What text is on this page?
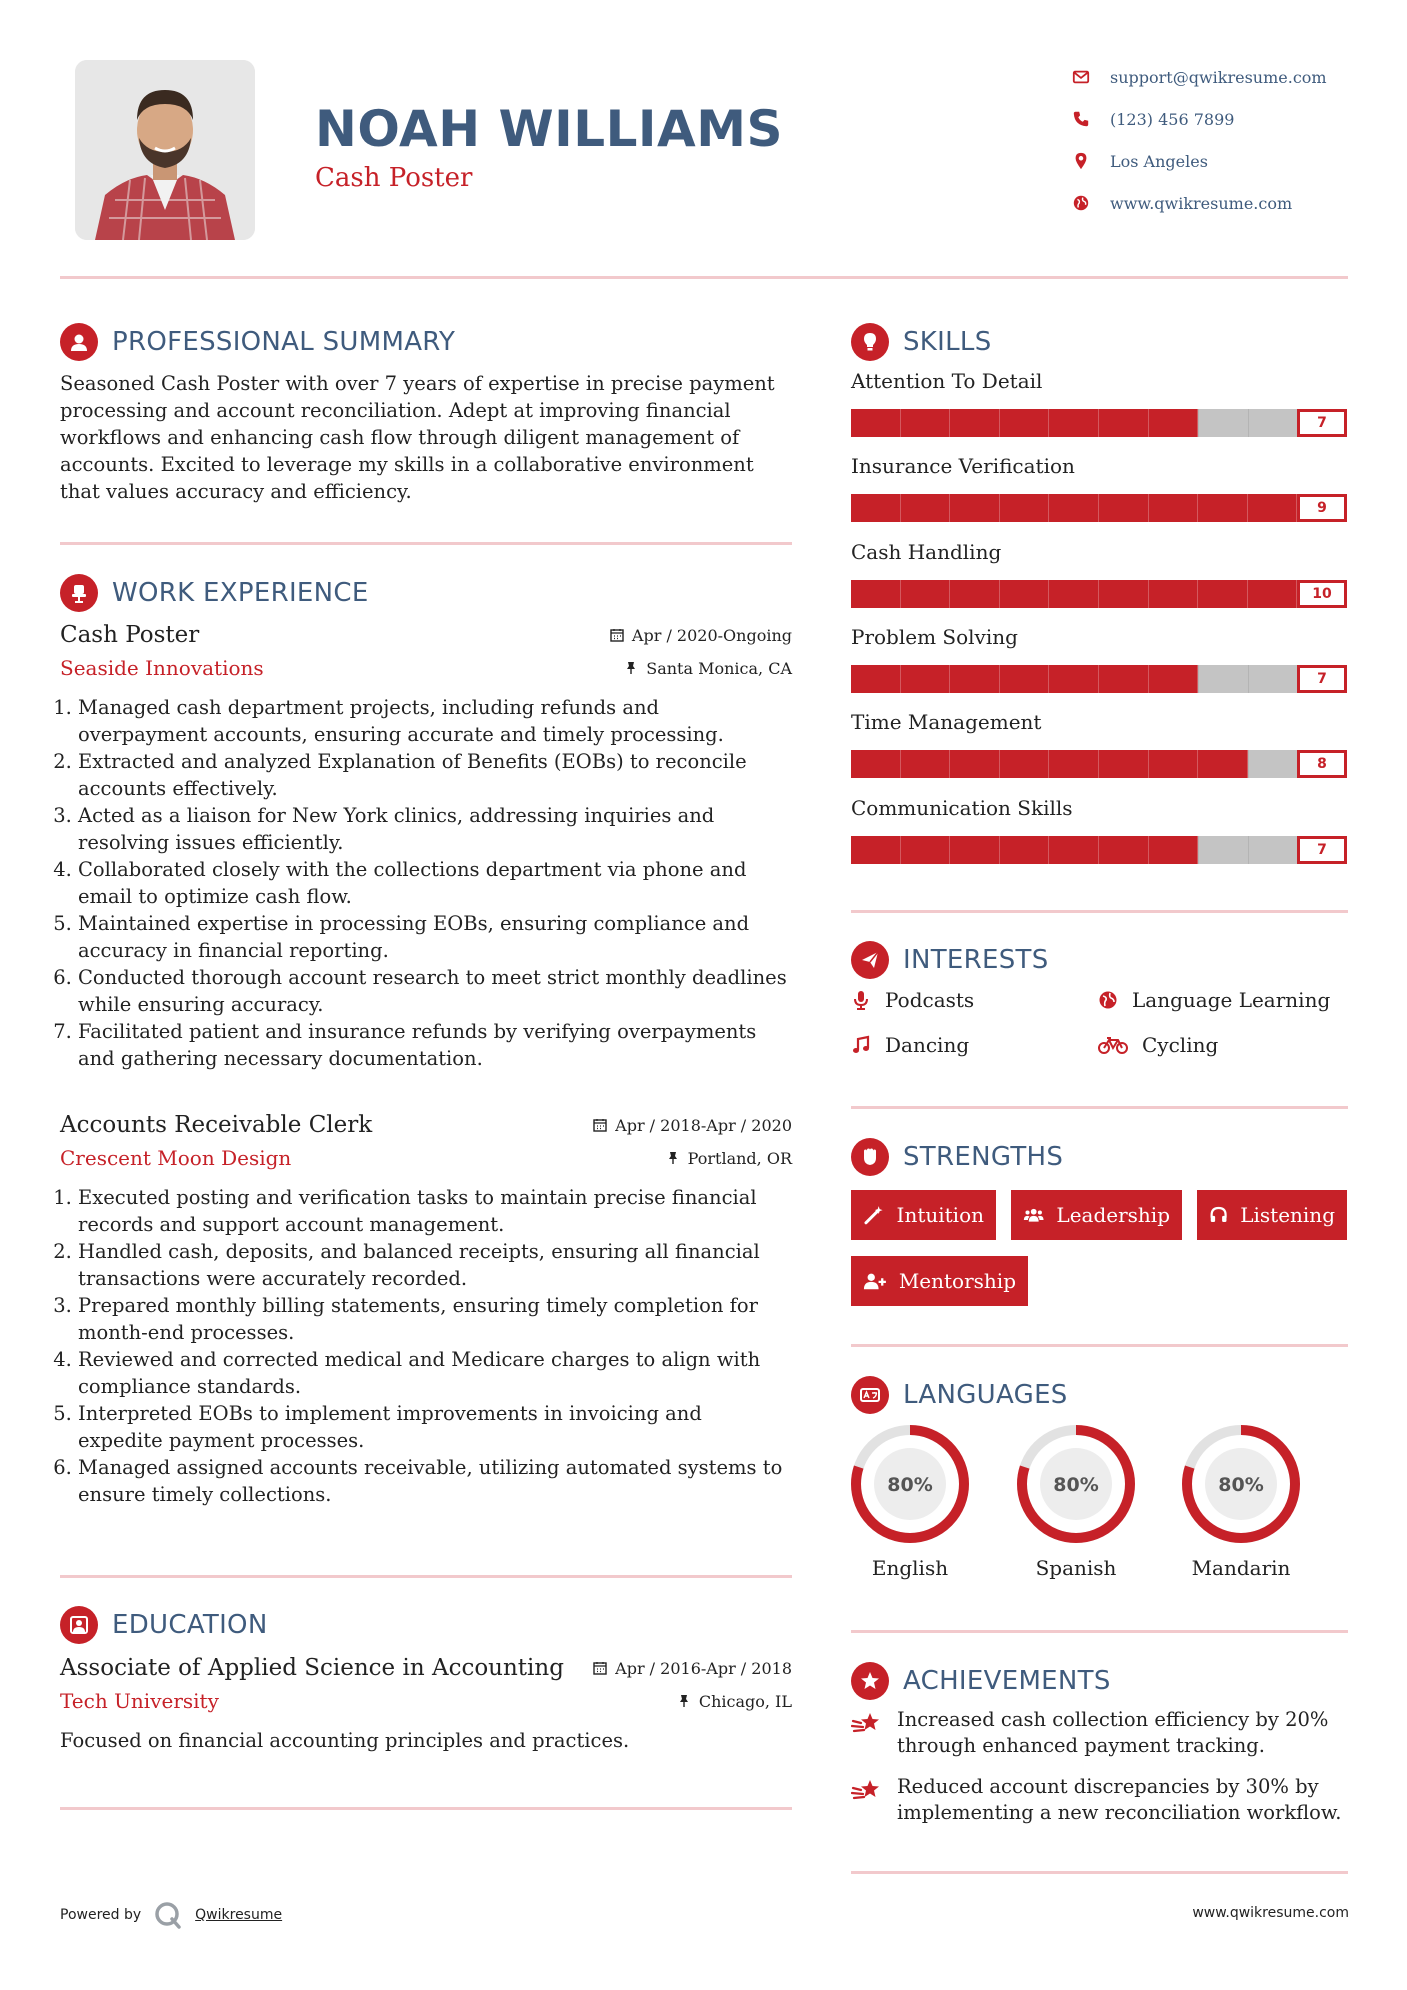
NOAH WILLIAMS
Cash Poster
support@qwikresume.com
(123) 456 7899
Los Angeles
www.qwikresume.com
PROFESSIONAL SUMMARY

Seasoned Cash Poster with over 7 years of expertise in precise payment processing and account reconciliation. Adept at improving financial workflows and enhancing cash flow through diligent management of accounts. Excited to leverage my skills in a collaborative environment that values accuracy and efficiency.

WORK EXPERIENCE
Cash Poster	Apr / 2020-Ongoing
Seaside Innovations	Santa Monica, CA
1. Managed cash department projects, including refunds and overpayment accounts, ensuring accurate and timely processing.
2. Extracted and analyzed Explanation of Benefits (EOBs) to reconcile accounts effectively.
3. Acted as a liaison for New York clinics, addressing inquiries and resolving issues efficiently.
4. Collaborated closely with the collections department via phone and email to optimize cash flow.
5. Maintained expertise in processing EOBs, ensuring compliance and accuracy in financial reporting.
6. Conducted thorough account research to meet strict monthly deadlines while ensuring accuracy.
7. Facilitated patient and insurance refunds by verifying overpayments and gathering necessary documentation.
Accounts Receivable Clerk	Apr / 2018-Apr / 2020
Crescent Moon Design	Portland, OR
1. Executed posting and verification tasks to maintain precise financial records and support account management.
2. Handled cash, deposits, and balanced receipts, ensuring all financial transactions were accurately recorded.
3. Prepared monthly billing statements, ensuring timely completion for month-end processes.
4. Reviewed and corrected medical and Medicare charges to align with compliance standards.
5. Interpreted EOBs to implement improvements in invoicing and expedite payment processes.
6. Managed assigned accounts receivable, utilizing automated systems to ensure timely collections.
EDUCATION
Associate of Applied Science in Accounting	Apr / 2016-Apr / 2018
Tech University	Chicago, IL

Focused on financial accounting principles and practices.

SKILLS
Attention To Detail
7
Insurance Verification
9
Cash Handling
10
Problem Solving
7
Time Management
8
Communication Skills
7
INTERESTS
Podcasts	Language Learning
Dancing	Cycling
STRENGTHS
Intuition	Leadership	Listening
Mentorship
LANGUAGES
80%
English
80%
Spanish
80%
Mandarin
ACHIEVEMENTS
Increased cash collection efficiency by 20% through enhanced payment tracking.
Reduced account discrepancies by 30% by implementing a new reconciliation workflow.
Powered by	Qwikresume	www.qwikresume.com
